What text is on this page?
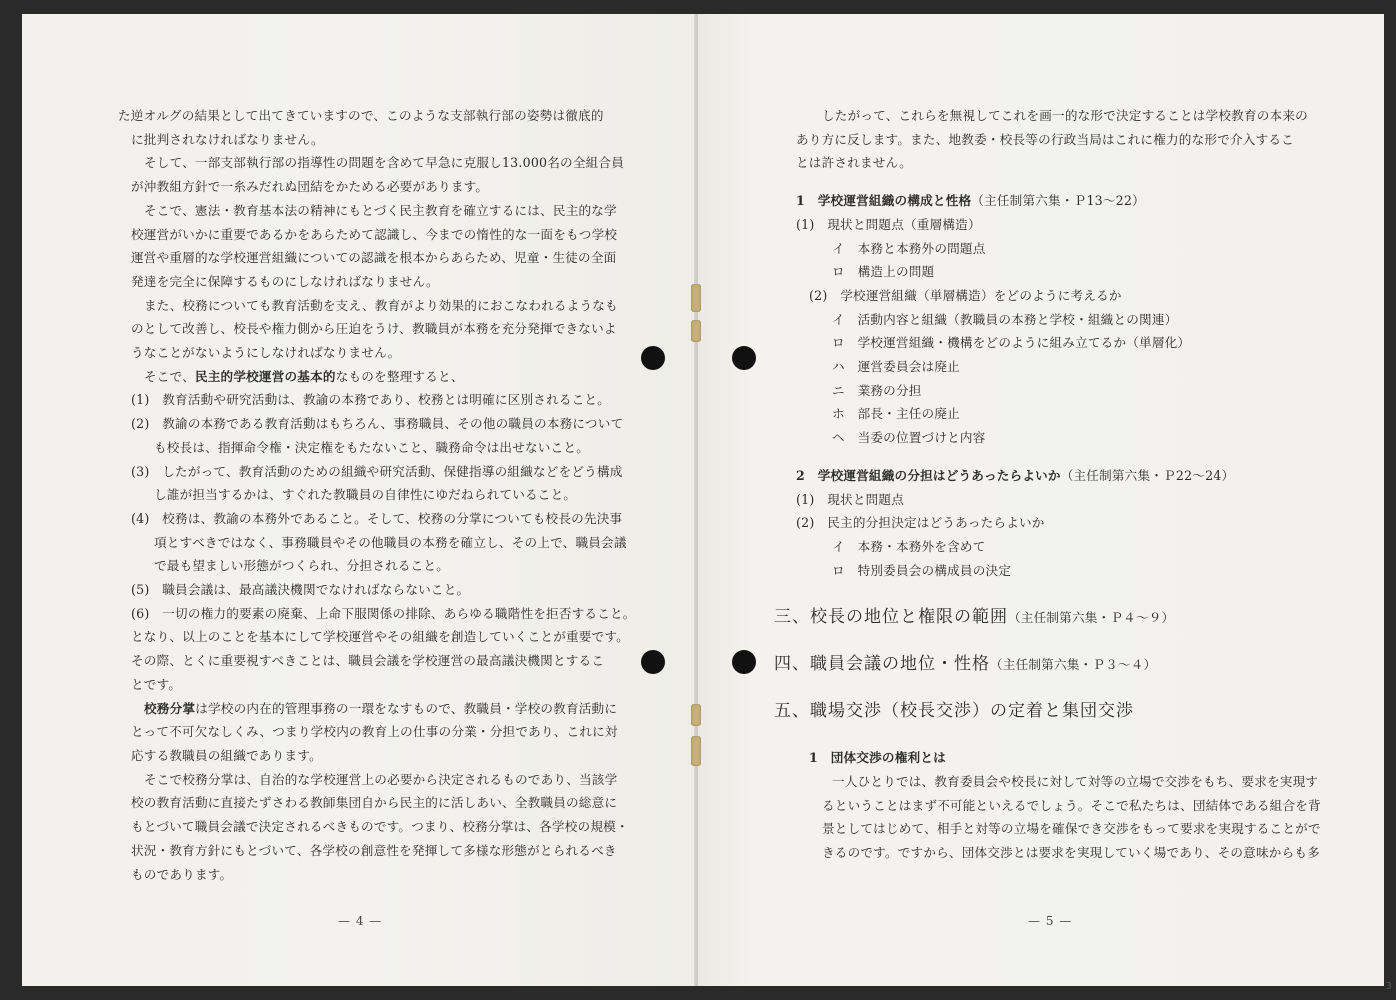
た逆オルグの結果として出てきていますので、このような支部執行部の姿勢は徹底的

に批判されなければなりません。

そして、一部支部執行部の指導性の問題を含めて早急に克服し13.000名の全組合員

が沖教組方針で一糸みだれぬ団結をかためる必要があります。

そこで、憲法・教育基本法の精神にもとづく民主教育を確立するには、民主的な学

校運営がいかに重要であるかをあらためて認識し、今までの惰性的な一面をもつ学校

運営や重層的な学校運営組織についての認識を根本からあらため、児童・生徒の全面

発達を完全に保障するものにしなければなりません。

また、校務についても教育活動を支え、教育がより効果的におこなわれるようなも

のとして改善し、校長や権力側から圧迫をうけ、教職員が本務を充分発揮できないよ

うなことがないようにしなければなりません。

そこで、民主的学校運営の基本的なものを整理すると、

(1)　教育活動や研究活動は、教諭の本務であり、校務とは明確に区別されること。

(2)　教諭の本務である教育活動はもちろん、事務職員、その他の職員の本務について

も校長は、指揮命令権・決定権をもたないこと、職務命令は出せないこと。

(3)　したがって、教育活動のための組織や研究活動、保健指導の組織などをどう構成

し誰が担当するかは、すぐれた教職員の自律性にゆだねられていること。

(4)　校務は、教諭の本務外であること。そして、校務の分掌についても校長の先決事

項とすべきではなく、事務職員やその他職員の本務を確立し、その上で、職員会議

で最も望ましい形態がつくられ、分担されること。

(5)　職員会議は、最高議決機関でなければならないこと。

(6)　一切の権力的要素の廃棄、上命下服関係の排除、あらゆる職階性を拒否すること。

となり、以上のことを基本にして学校運営やその組織を創造していくことが重要です。

その際、とくに重要視すべきことは、職員会議を学校運営の最高議決機関とするこ

とです。

校務分掌は学校の内在的管理事務の一環をなすもので、教職員・学校の教育活動に

とって不可欠なしくみ、つまり学校内の教育上の仕事の分業・分担であり、これに対

応する教職員の組織であります。

そこで校務分掌は、自治的な学校運営上の必要から決定されるものであり、当該学

校の教育活動に直接たずさわる教師集団自から民主的に活しあい、全教職員の総意に

もとづいて職員会議で決定されるべきものです。つまり、校務分掌は、各学校の規模・

状況・教育方針にもとづいて、各学校の創意性を発揮して多様な形態がとられるべき

ものであります。

— 4 —

したがって、これらを無視してこれを画一的な形で決定することは学校教育の本来の

あり方に反します。また、地教委・校長等の行政当局はこれに権力的な形で介入するこ

とは許されません。

1　学校運営組織の構成と性格（主任制第六集・Ｐ13～22）

(1)　現状と問題点（重層構造）

イ　本務と本務外の問題点

ロ　構造上の問題

(2)　学校運営組織（単層構造）をどのように考えるか

イ　活動内容と組織（教職員の本務と学校・組織との関連）

ロ　学校運営組織・機構をどのように組み立てるか（単層化）

ハ　運営委員会は廃止

ニ　業務の分担

ホ　部長・主任の廃止

ヘ　当委の位置づけと内容

2　学校運営組織の分担はどうあったらよいか（主任制第六集・Ｐ22～24）

(1)　現状と問題点

(2)　民主的分担決定はどうあったらよいか

イ　本務・本務外を含めて

ロ　特別委員会の構成員の決定

三、校長の地位と権限の範囲（主任制第六集・Ｐ４～９）

四、職員会議の地位・性格（主任制第六集・Ｐ３～４）

五、職場交渉（校長交渉）の定着と集団交渉

1　団体交渉の権利とは

一人ひとりでは、教育委員会や校長に対して対等の立場で交渉をもち、要求を実現す

るということはまず不可能といえるでしょう。そこで私たちは、団結体である組合を背

景としてはじめて、相手と対等の立場を確保でき交渉をもって要求を実現することがで

きるのです。ですから、団体交渉とは要求を実現していく場であり、その意味からも多

— 5 —
3
